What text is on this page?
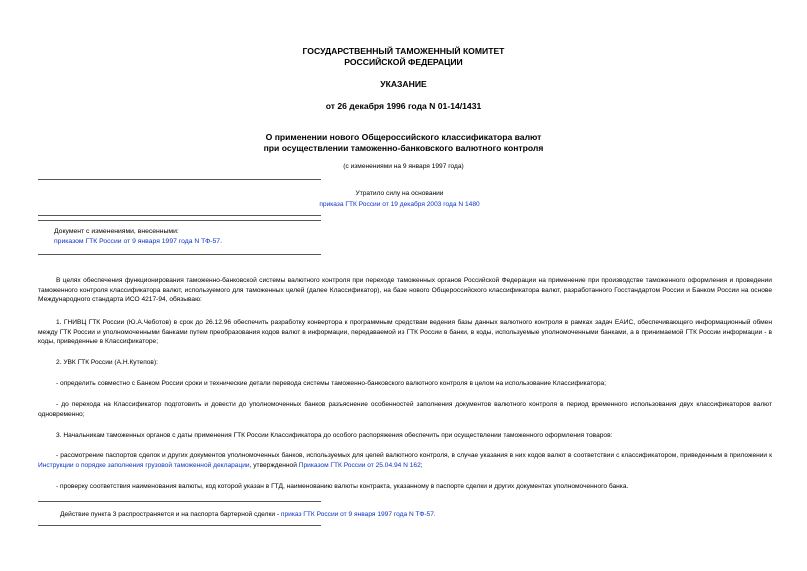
ГОСУДАРСТВЕННЫЙ ТАМОЖЕННЫЙ КОМИТЕТ
РОССИЙСКОЙ ФЕДЕРАЦИИ
УКАЗАНИЕ
от 26 декабря 1996 года N 01-14/1431
О применении нового Общероссийского классификатора валют
при осуществлении таможенно-банковского валютного контроля
(с изменениями на 9 января 1997 года)
Утратило силу на основании
приказа ГТК России от 19 декабря 2003 года N 1480
Документ с изменениями, внесенными:
приказом ГТК России от 9 января 1997 года N ТФ-57.
В целях обеспечения функционирования таможенно-банковской системы валютного контроля при переходе таможенных органов Российской Федерации на применение при производстве таможенного оформления и проведении таможенного контроля классификатора валют, используемого для таможенных целей (далее Классификатор), на базе нового Общероссийского классификатора валют, разработанного Госстандартом России и Банком России на основе Международного стандарта ИСО 4217-94, обязываю:
1. ГНИВЦ ГТК России (Ю.А.Чеботов) в срок до 26.12.96 обеспечить разработку конвертора к программным средствам ведения базы данных валютного контроля в рамках задач ЕАИС, обеспечивающего информационный обмен между ГТК России и уполномоченными банками путем преобразования кодов валют в информации, передаваемой из ГТК России в банки, в коды, используемые уполномоченными банками, а в принимаемой ГТК России информации - в коды, приведенные в Классификаторе;
2. УВК ГТК России (А.Н.Кутепов):
- определить совместно с Банком России сроки и технические детали перевода системы таможенно-банковского валютного контроля в целом на использование Классификатора;
- до перехода на Классификатор подготовить и довести до уполномоченных банков разъяснение особенностей заполнения документов валютного контроля в период временного использования двух классификаторов валют одновременно;
3. Начальникам таможенных органов с даты применения ГТК России Классификатора до особого распоряжения обеспечить при осуществлении таможенного оформления товаров:
- рассмотрение паспортов сделок и других документов уполномоченных банков, используемых для целей валютного контроля, в случае указания в них кодов валют в соответствии с классификатором, приведенным в приложении к Инструкции о порядке заполнения грузовой таможенной декларации, утвержденной Приказом ГТК России от 25.04.94 N 162;
- проверку соответствия наименования валюты, код которой указан в ГТД, наименованию валюты контракта, указанному в паспорте сделки и других документах уполномоченного банка.
Действие пункта 3 распространяется и на паспорта бартерной сделки - приказ ГТК России от 9 января 1997 года N ТФ-57.
